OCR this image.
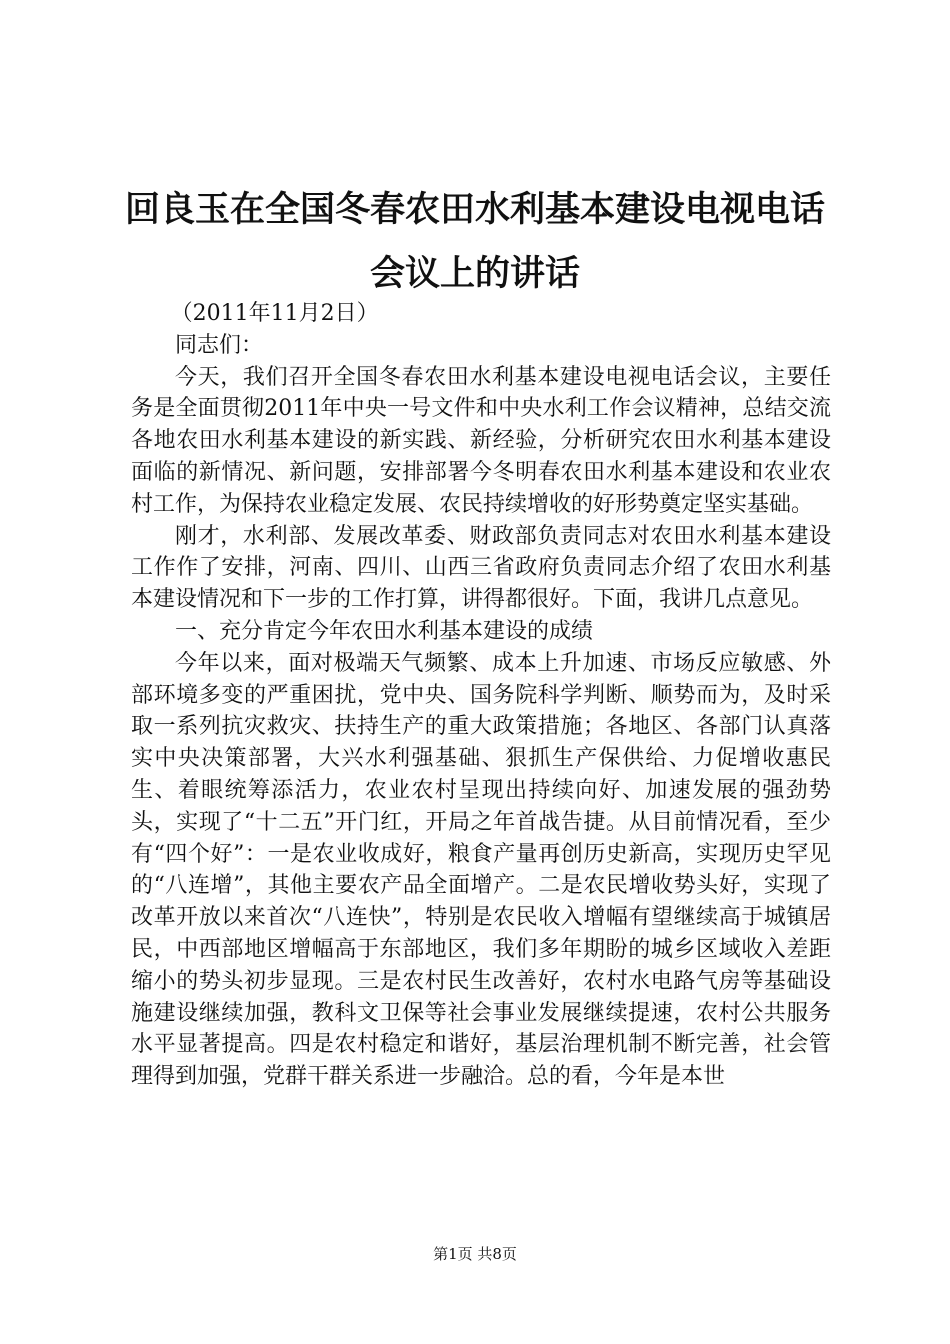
回良玉在全国冬春农田水利基本建设电视电话会议上的讲话

（2011年11月2日）

同志们：

今天，我们召开全国冬春农田水利基本建设电视电话会议，主要任务是全面贯彻2011年中央一号文件和中央水利工作会议精神，总结交流各地农田水利基本建设的新实践、新经验，分析研究农田水利基本建设面临的新情况、新问题，安排部署今冬明春农田水利基本建设和农业农村工作，为保持农业稳定发展、农民持续增收的好形势奠定坚实基础。

刚才，水利部、发展改革委、财政部负责同志对农田水利基本建设工作作了安排，河南、四川、山西三省政府负责同志介绍了农田水利基本建设情况和下一步的工作打算，讲得都很好。下面，我讲几点意见。

一、充分肯定今年农田水利基本建设的成绩

今年以来，面对极端天气频繁、成本上升加速、市场反应敏感、外部环境多变的严重困扰，党中央、国务院科学判断、顺势而为，及时采取一系列抗灾救灾、扶持生产的重大政策措施；各地区、各部门认真落实中央决策部署，大兴水利强基础、狠抓生产保供给、力促增收惠民生、着眼统筹添活力，农业农村呈现出持续向好、加速发展的强劲势头，实现了“十二五”开门红，开局之年首战告捷。从目前情况看，至少有“四个好”：一是农业收成好，粮食产量再创历史新高，实现历史罕见的“八连增”，其他主要农产品全面增产。二是农民增收势头好，实现了改革开放以来首次“八连快”，特别是农民收入增幅有望继续高于城镇居民，中西部地区增幅高于东部地区，我们多年期盼的城乡区域收入差距缩小的势头初步显现。三是农村民生改善好，农村水电路气房等基础设施建设继续加强，教科文卫保等社会事业发展继续提速，农村公共服务水平显著提高。四是农村稳定和谐好，基层治理机制不断完善，社会管理得到加强，党群干群关系进一步融洽。总的看，今年是本世

第1页 共8页
